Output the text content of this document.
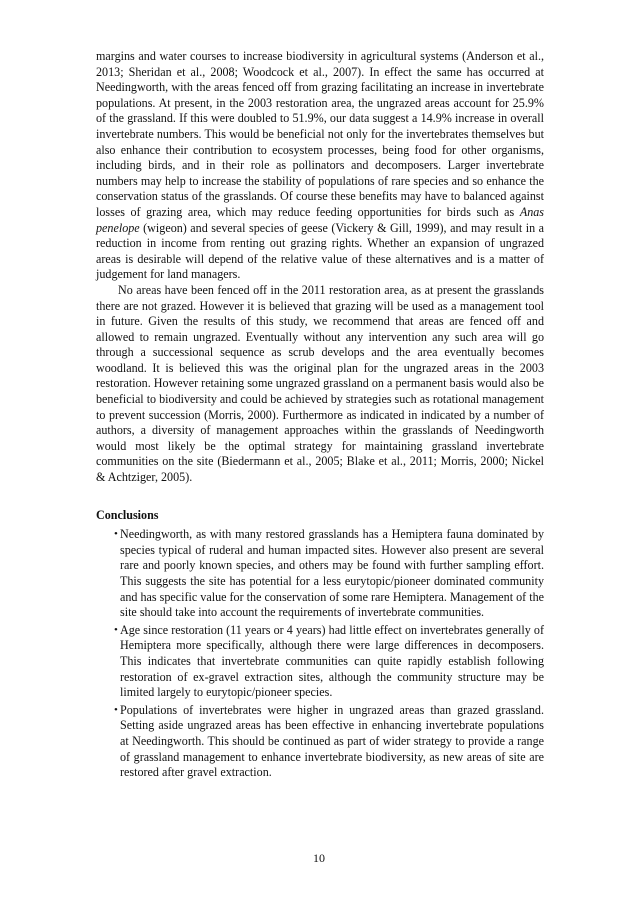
margins and water courses to increase biodiversity in agricultural systems (Anderson et al., 2013; Sheridan et al., 2008; Woodcock et al., 2007). In effect the same has occurred at Needingworth, with the areas fenced off from grazing facilitating an increase in invertebrate populations. At present, in the 2003 restoration area, the ungrazed areas account for 25.9% of the grassland. If this were doubled to 51.9%, our data suggest a 14.9% increase in overall invertebrate numbers. This would be beneficial not only for the invertebrates themselves but also enhance their contribution to ecosystem processes, being food for other organisms, including birds, and in their role as pollinators and decomposers. Larger invertebrate numbers may help to increase the stability of populations of rare species and so enhance the conservation status of the grasslands. Of course these benefits may have to balanced against losses of grazing area, which may reduce feeding opportunities for birds such as Anas penelope (wigeon) and several species of geese (Vickery & Gill, 1999), and may result in a reduction in income from renting out grazing rights. Whether an expansion of ungrazed areas is desirable will depend of the relative value of these alternatives and is a matter of judgement for land managers.

No areas have been fenced off in the 2011 restoration area, as at present the grasslands there are not grazed. However it is believed that grazing will be used as a management tool in future. Given the results of this study, we recommend that areas are fenced off and allowed to remain ungrazed. Eventually without any intervention any such area will go through a successional sequence as scrub develops and the area eventually becomes woodland. It is believed this was the original plan for the ungrazed areas in the 2003 restoration. However retaining some ungrazed grassland on a permanent basis would also be beneficial to biodiversity and could be achieved by strategies such as rotational management to prevent succession (Morris, 2000). Furthermore as indicated in indicated by a number of authors, a diversity of management approaches within the grasslands of Needingworth would most likely be the optimal strategy for maintaining grassland invertebrate communities on the site (Biedermann et al., 2005; Blake et al., 2011; Morris, 2000; Nickel & Achtziger, 2005).

Conclusions
• Needingworth, as with many restored grasslands has a Hemiptera fauna dominated by species typical of ruderal and human impacted sites. However also present are several rare and poorly known species, and others may be found with further sampling effort. This suggests the site has potential for a less eurytopic/pioneer dominated community and has specific value for the conservation of some rare Hemiptera. Management of the site should take into account the requirements of invertebrate communities.
• Age since restoration (11 years or 4 years) had little effect on invertebrates generally of Hemiptera more specifically, although there were large differences in decomposers. This indicates that invertebrate communities can quite rapidly establish following restoration of ex-gravel extraction sites, although the community structure may be limited largely to eurytopic/pioneer species.
• Populations of invertebrates were higher in ungrazed areas than grazed grassland. Setting aside ungrazed areas has been effective in enhancing invertebrate populations at Needingworth. This should be continued as part of wider strategy to provide a range of grassland management to enhance invertebrate biodiversity, as new areas of site are restored after gravel extraction.
10
